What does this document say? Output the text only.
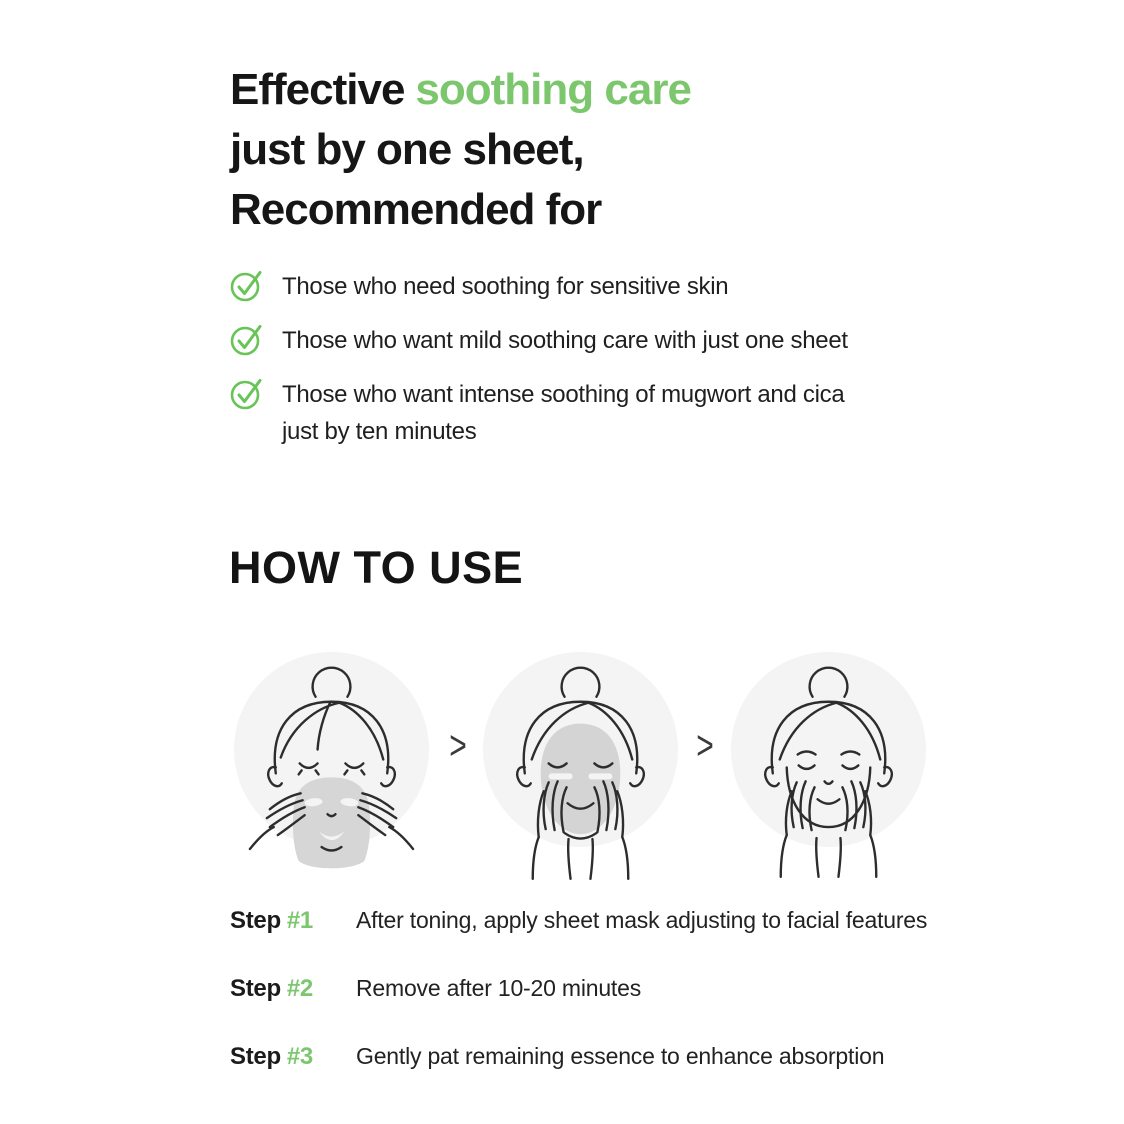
Effective soothing care
just by one sheet,
Recommended for
Those who need soothing for sensitive skin
Those who want mild soothing care with just one sheet
Those who want intense soothing of mugwort and cica
just by ten minutes
HOW TO USE
>	>
Step #1	After toning, apply sheet mask adjusting to facial features
Step #2	Remove after 10-20 minutes
Step #3	Gently pat remaining essence to enhance absorption
